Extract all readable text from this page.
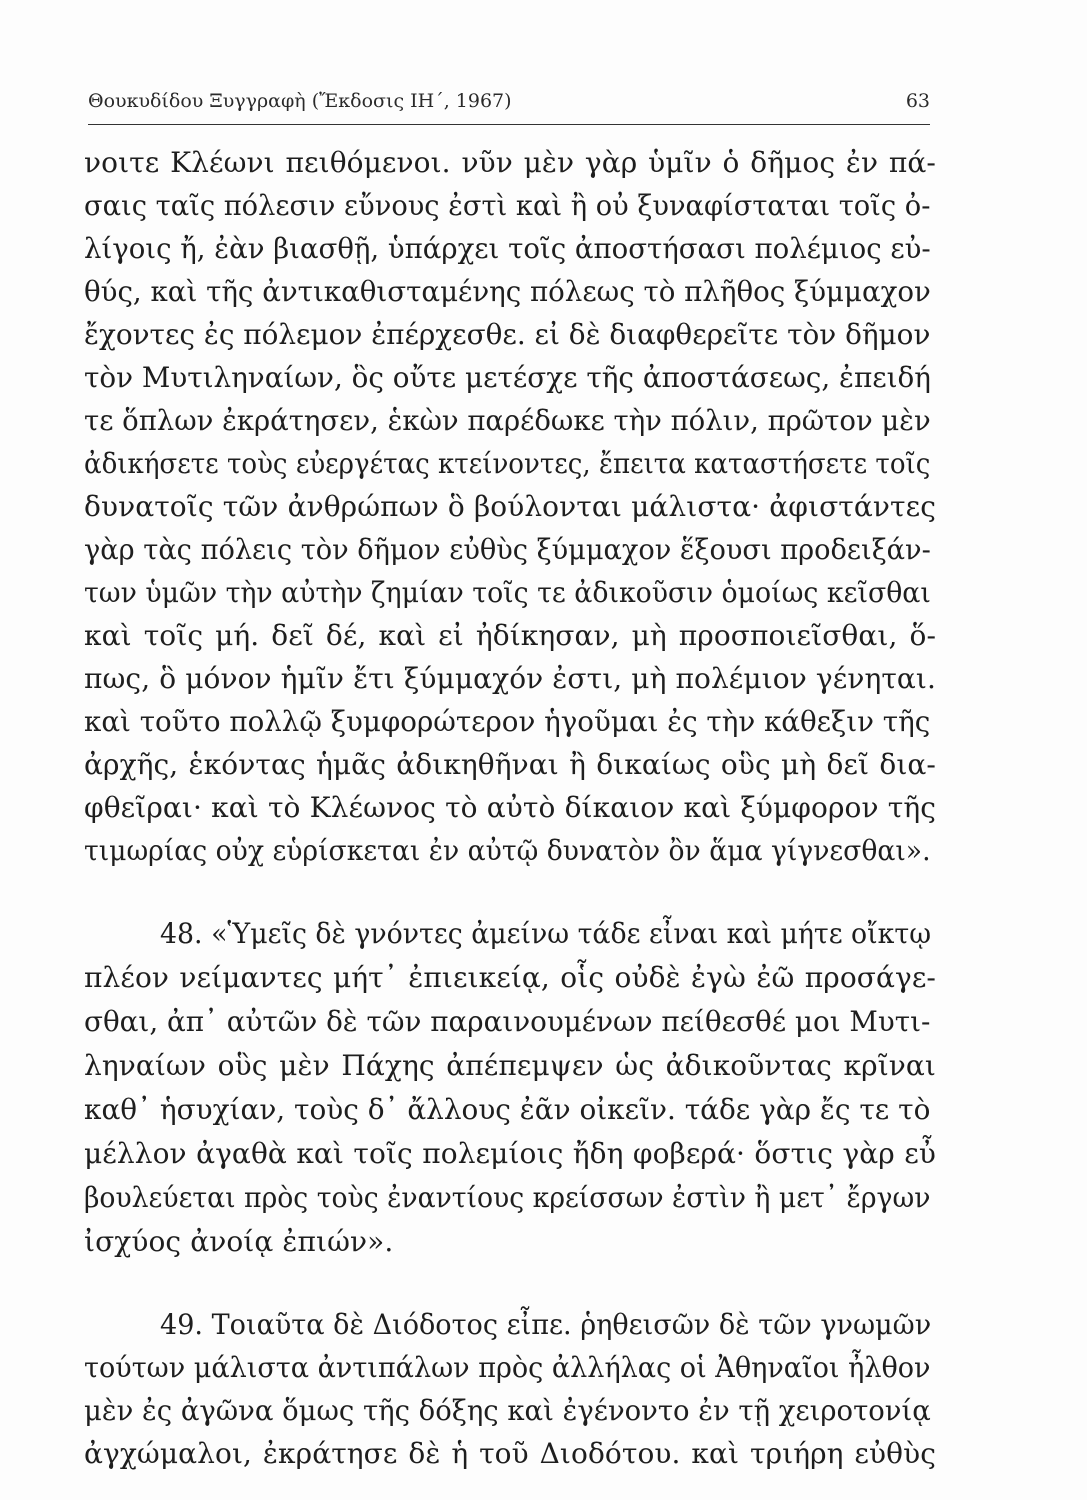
Θουκυδίδου Ξυγγραφὴ (Ἔκδοσις ΙΗ΄, 1967)	63
νοιτε Κλέωνι πειθόμενοι. νῦν μὲν γὰρ ὑμῖν ὁ δῆμος ἐν πά-
σαις ταῖς πόλεσιν εὔνους ἐστὶ καὶ ἢ οὐ ξυναφίσταται τοῖς ὀ-
λίγοις ἤ, ἐὰν βιασθῇ, ὑπάρχει τοῖς ἀποστήσασι πολέμιος εὐ-
θύς, καὶ τῆς ἀντικαθισταμένης πόλεως τὸ πλῆθος ξύμμαχον
ἔχοντες ἐς πόλεμον ἐπέρχεσθε. εἰ δὲ διαφθερεῖτε τὸν δῆμον
τὸν Μυτιληναίων, ὃς οὔτε μετέσχε τῆς ἀποστάσεως, ἐπειδή
τε ὅπλων ἐκράτησεν, ἑκὼν παρέδωκε τὴν πόλιν, πρῶτον μὲν
ἀδικήσετε τοὺς εὐεργέτας κτείνοντες, ἔπειτα καταστήσετε τοῖς
δυνατοῖς τῶν ἀνθρώπων ὃ βούλονται μάλιστα· ἀφιστάντες
γὰρ τὰς πόλεις τὸν δῆμον εὐθὺς ξύμμαχον ἕξουσι προδειξάν-
των ὑμῶν τὴν αὐτὴν ζημίαν τοῖς τε ἀδικοῦσιν ὁμοίως κεῖσθαι
καὶ τοῖς μή. δεῖ δέ, καὶ εἰ ἠδίκησαν, μὴ προσποιεῖσθαι, ὅ-
πως, ὃ μόνον ἡμῖν ἔτι ξύμμαχόν ἐστι, μὴ πολέμιον γένηται.
καὶ τοῦτο πολλῷ ξυμφορώτερον ἡγοῦμαι ἐς τὴν κάθεξιν τῆς
ἀρχῆς, ἑκόντας ἡμᾶς ἀδικηθῆναι ἢ δικαίως οὓς μὴ δεῖ δια-
φθεῖραι· καὶ τὸ Κλέωνος τὸ αὐτὸ δίκαιον καὶ ξύμφορον τῆς
τιμωρίας οὐχ εὑρίσκεται ἐν αὐτῷ δυνατὸν ὂν ἅμα γίγνεσθαι».
48. «Ὑμεῖς δὲ γνόντες ἀμείνω τάδε εἶναι καὶ μήτε οἴκτῳ
πλέον νείμαντες μήτ᾽ ἐπιεικείᾳ, οἷς οὐδὲ ἐγὼ ἐῶ προσάγε-
σθαι, ἀπ᾽ αὐτῶν δὲ τῶν παραινουμένων πείθεσθέ μοι Μυτι-
ληναίων οὓς μὲν Πάχης ἀπέπεμψεν ὡς ἀδικοῦντας κρῖναι
καθ᾽ ἡσυχίαν, τοὺς δ᾽ ἄλλους ἐᾶν οἰκεῖν. τάδε γὰρ ἔς τε τὸ
μέλλον ἀγαθὰ καὶ τοῖς πολεμίοις ἤδη φοβερά· ὅστις γὰρ εὖ
βουλεύεται πρὸς τοὺς ἐναντίους κρείσσων ἐστὶν ἢ μετ᾽ ἔργων
ἰσχύος ἀνοίᾳ ἐπιών».
49. Τοιαῦτα δὲ Διόδοτος εἶπε. ῥηθεισῶν δὲ τῶν γνωμῶν
τούτων μάλιστα ἀντιπάλων πρὸς ἀλλήλας οἱ Ἀθηναῖοι ἦλθον
μὲν ἐς ἀγῶνα ὅμως τῆς δόξης καὶ ἐγένοντο ἐν τῇ χειροτονίᾳ
ἀγχώμαλοι, ἐκράτησε δὲ ἡ τοῦ Διοδότου. καὶ τριήρη εὐθὺς
